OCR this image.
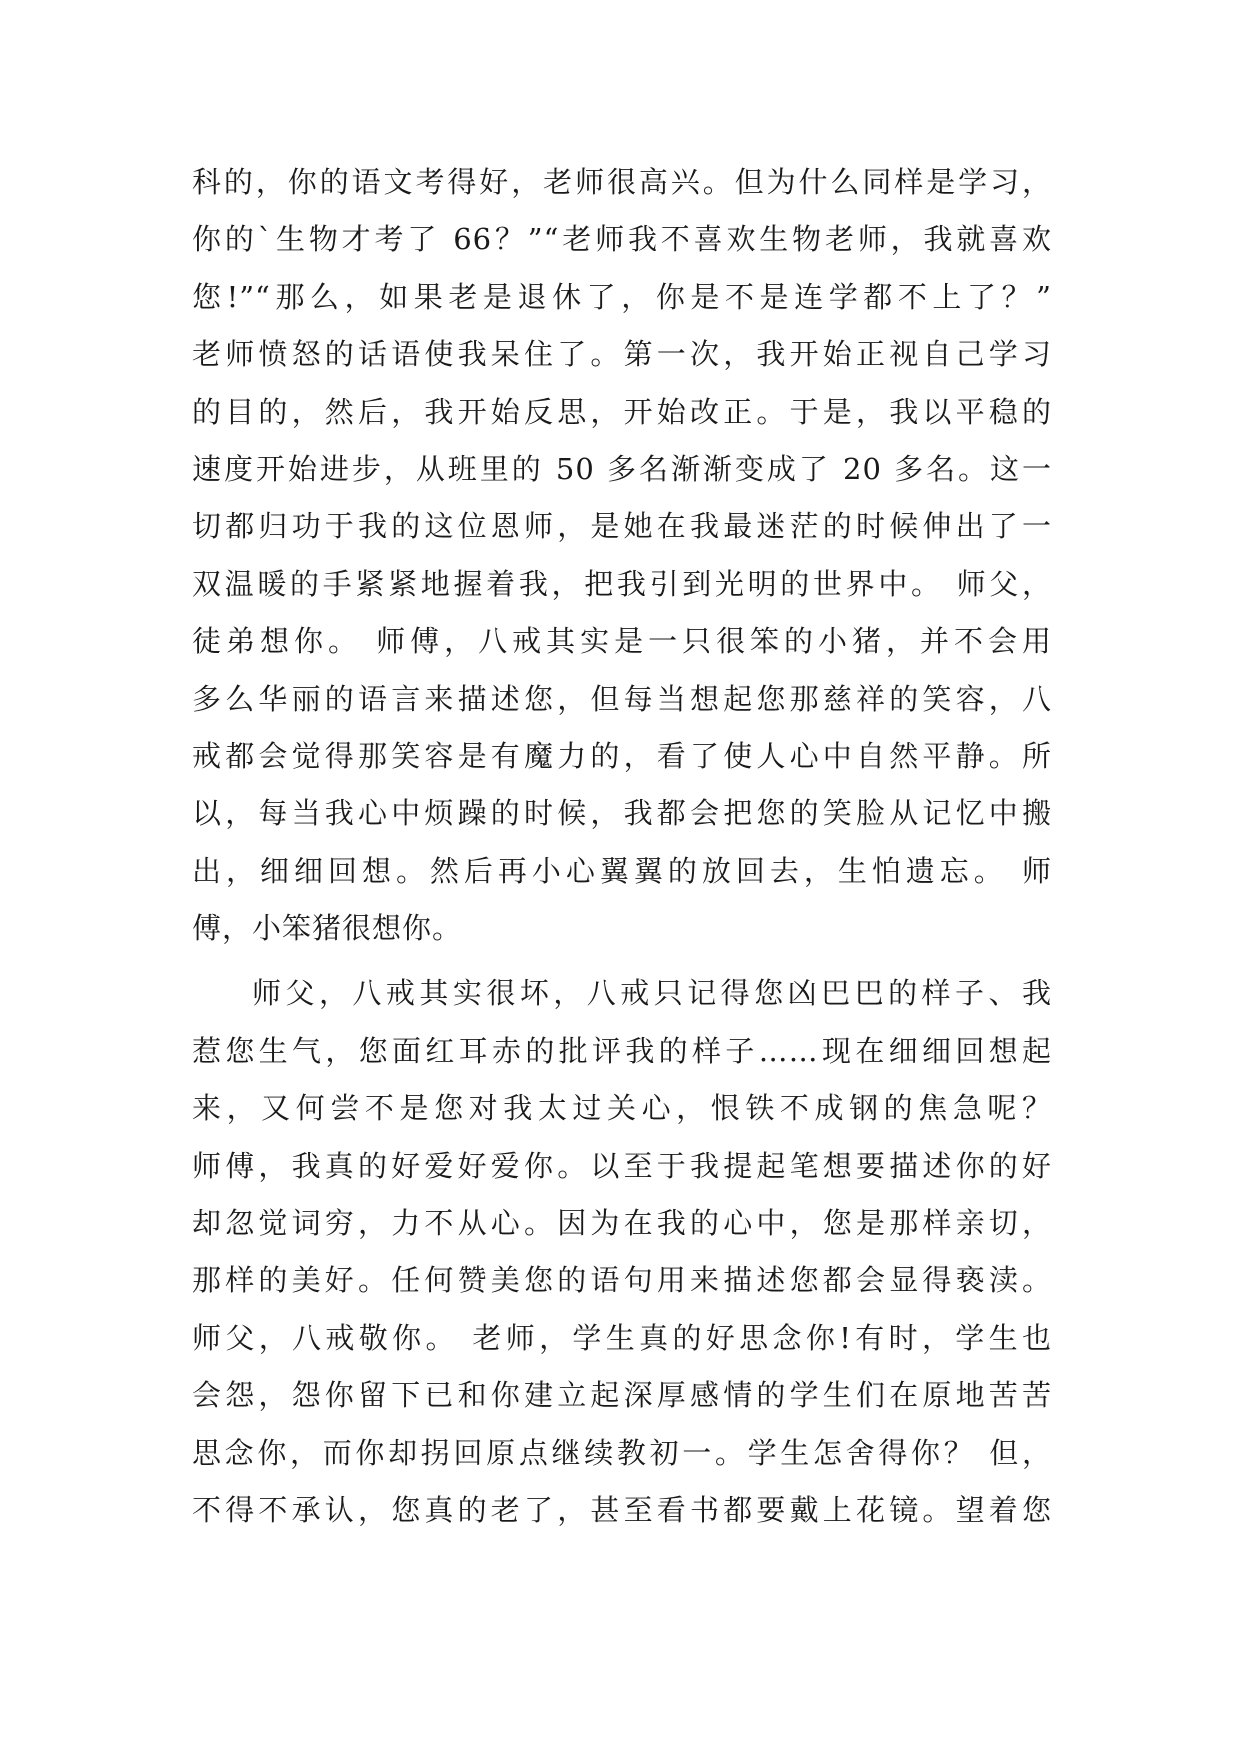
科的，你的语文考得好，老师很高兴。但为什么同样是学习，

你的`生物才考了 66？”“老师我不喜欢生物老师，我就喜欢

您!”“那么，如果老是退休了，你是不是连学都不上了？”

老师愤怒的话语使我呆住了。第一次，我开始正视自己学习

的目的，然后，我开始反思，开始改正。于是，我以平稳的

速度开始进步，从班里的 50 多名渐渐变成了 20 多名。这一

切都归功于我的这位恩师，是她在我最迷茫的时候伸出了一

双温暖的手紧紧地握着我，把我引到光明的世界中。 师父，

徒弟想你。 师傅，八戒其实是一只很笨的小猪，并不会用

多么华丽的语言来描述您，但每当想起您那慈祥的笑容，八

戒都会觉得那笑容是有魔力的，看了使人心中自然平静。所

以，每当我心中烦躁的时候，我都会把您的笑脸从记忆中搬

出，细细回想。然后再小心翼翼的放回去，生怕遗忘。 师

傅，小笨猪很想你。

师父，八戒其实很坏，八戒只记得您凶巴巴的样子、我

惹您生气，您面红耳赤的批评我的样子……现在细细回想起

来，又何尝不是您对我太过关心，恨铁不成钢的焦急呢？

师傅，我真的好爱好爱你。以至于我提起笔想要描述你的好

却忽觉词穷，力不从心。因为在我的心中，您是那样亲切，

那样的美好。任何赞美您的语句用来描述您都会显得亵渎。

师父，八戒敬你。 老师，学生真的好思念你!有时，学生也

会怨，怨你留下已和你建立起深厚感情的学生们在原地苦苦

思念你，而你却拐回原点继续教初一。学生怎舍得你？ 但，

不得不承认，您真的老了，甚至看书都要戴上花镜。望着您
